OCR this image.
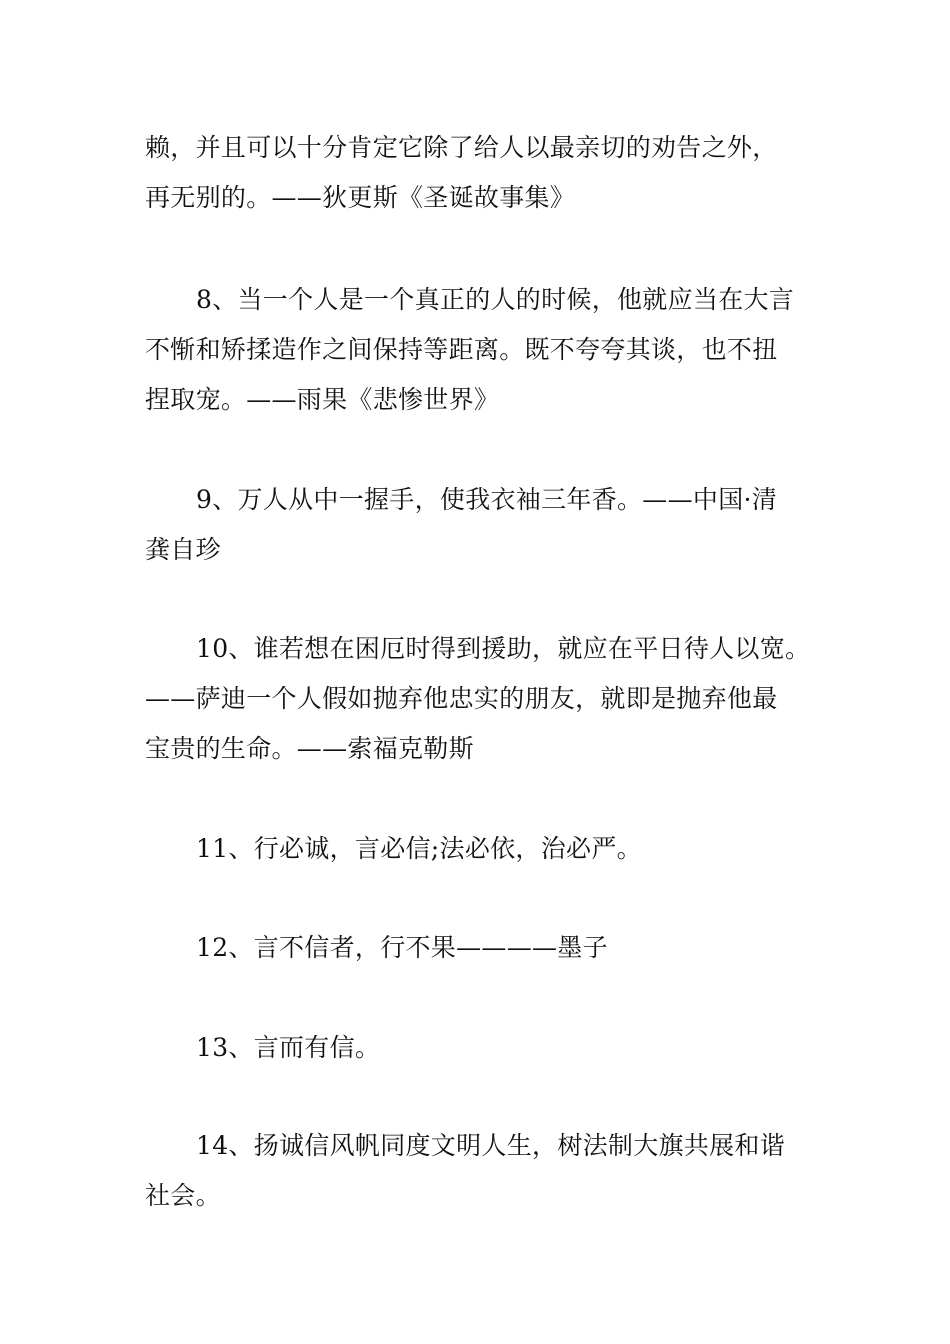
赖，并且可以十分肯定它除了给人以最亲切的劝告之外，
再无别的。——狄更斯《圣诞故事集》
8、当一个人是一个真正的人的时候，他就应当在大言
不惭和矫揉造作之间保持等距离。既不夸夸其谈，也不扭
捏取宠。——雨果《悲惨世界》
9、万人从中一握手，使我衣袖三年香。——中国·清
龚自珍
10、谁若想在困厄时得到援助，就应在平日待人以宽。
——萨迪一个人假如抛弃他忠实的朋友，就即是抛弃他最
宝贵的生命。——索福克勒斯
11、行必诚，言必信;法必依，治必严。
12、言不信者，行不果————墨子
13、言而有信。
14、扬诚信风帆同度文明人生，树法制大旗共展和谐
社会。
